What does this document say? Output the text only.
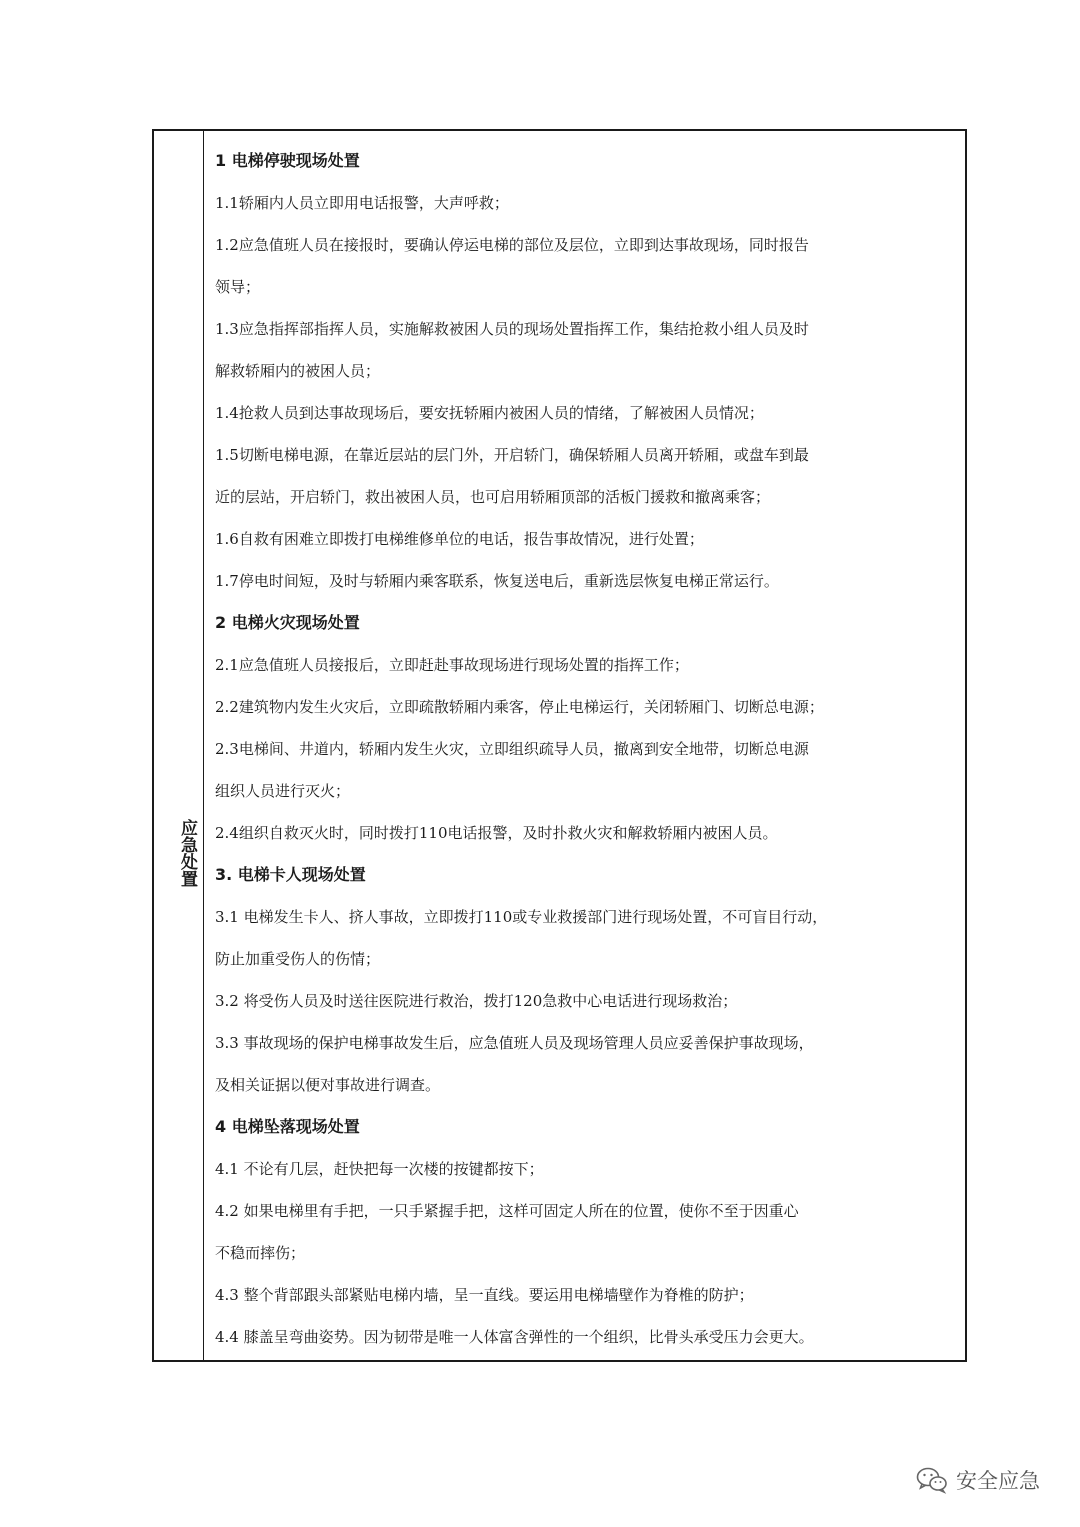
应急处置
1 电梯停驶现场处置
1.1轿厢内人员立即用电话报警，大声呼救；
1.2应急值班人员在接报时，要确认停运电梯的部位及层位，立即到达事故现场，同时报告
领导；
1.3应急指挥部指挥人员，实施解救被困人员的现场处置指挥工作，集结抢救小组人员及时
解救轿厢内的被困人员；
1.4抢救人员到达事故现场后，要安抚轿厢内被困人员的情绪，了解被困人员情况；
1.5切断电梯电源，在靠近层站的层门外，开启轿门，确保轿厢人员离开轿厢，或盘车到最
近的层站，开启轿门，救出被困人员，也可启用轿厢顶部的活板门援救和撤离乘客；
1.6自救有困难立即拨打电梯维修单位的电话，报告事故情况，进行处置；
1.7停电时间短，及时与轿厢内乘客联系，恢复送电后，重新选层恢复电梯正常运行。
2 电梯火灾现场处置
2.1应急值班人员接报后，立即赶赴事故现场进行现场处置的指挥工作；
2.2建筑物内发生火灾后，立即疏散轿厢内乘客，停止电梯运行，关闭轿厢门、切断总电源；
2.3电梯间、井道内，轿厢内发生火灾，立即组织疏导人员，撤离到安全地带，切断总电源
组织人员进行灭火；
2.4组织自救灭火时，同时拨打110电话报警，及时扑救火灾和解救轿厢内被困人员。
3. 电梯卡人现场处置
3.1 电梯发生卡人、挤人事故，立即拨打110或专业救援部门进行现场处置，不可盲目行动，
防止加重受伤人的伤情；
3.2 将受伤人员及时送往医院进行救治，拨打120急救中心电话进行现场救治；
3.3 事故现场的保护电梯事故发生后，应急值班人员及现场管理人员应妥善保护事故现场，
及相关证据以便对事故进行调查。
4 电梯坠落现场处置
4.1 不论有几层，赶快把每一次楼的按键都按下；
4.2 如果电梯里有手把，一只手紧握手把，这样可固定人所在的位置，使你不至于因重心
不稳而摔伤；
4.3 整个背部跟头部紧贴电梯内墙，呈一直线。要运用电梯墙壁作为脊椎的防护；
4.4 膝盖呈弯曲姿势。因为韧带是唯一人体富含弹性的一个组织，比骨头承受压力会更大。
安全应急
